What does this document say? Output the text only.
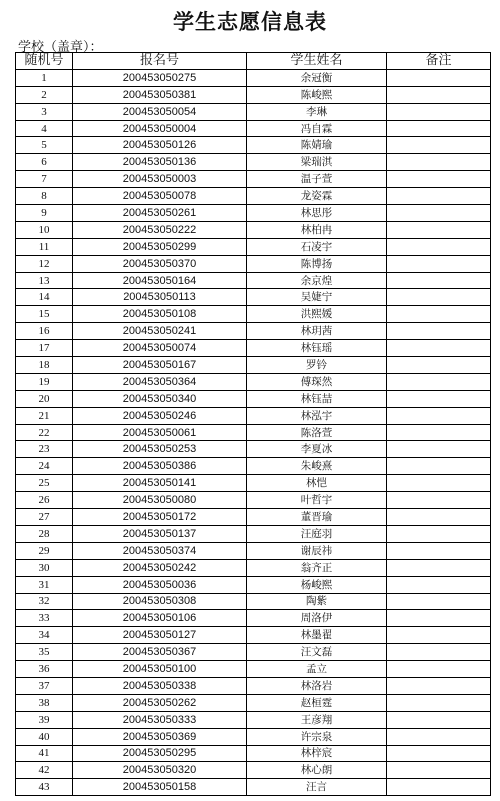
学生志愿信息表
学校（盖章）：
随机号	报名号	学生姓名	备注
1	200453050275	余冠衡	
2	200453050381	陈峻熙	
3	200453050054	李琳	
4	200453050004	冯自霖	
5	200453050126	陈婧瑜	
6	200453050136	梁瑞淇	
7	200453050003	温子萱	
8	200453050078	龙姿霖	
9	200453050261	林思彤	
10	200453050222	林柏冉	
11	200453050299	石凌宇	
12	200453050370	陈博扬	
13	200453050164	余京煌	
14	200453050113	吴婕宁	
15	200453050108	洪熙媛	
16	200453050241	林玥茜	
17	200453050074	林钰瑶	
18	200453050167	罗钤	
19	200453050364	傅琛然	
20	200453050340	林钰喆	
21	200453050246	林泓宇	
22	200453050061	陈洛萱	
23	200453050253	李夏冰	
24	200453050386	朱峻熹	
25	200453050141	林恺	
26	200453050080	叶哲宇	
27	200453050172	董晋瑜	
28	200453050137	汪庭羽	
29	200453050374	谢辰祎	
30	200453050242	翁齐正	
31	200453050036	杨峻熙	
32	200453050308	陶紫	
33	200453050106	周洛伊	
34	200453050127	林墨翟	
35	200453050367	汪文磊	
36	200453050100	孟立	
37	200453050338	林洛岩	
38	200453050262	赵桓霆	
39	200453050333	王彦翔	
40	200453050369	许宗泉	
41	200453050295	林梓宸	
42	200453050320	林心朗	
43	200453050158	汪言	
